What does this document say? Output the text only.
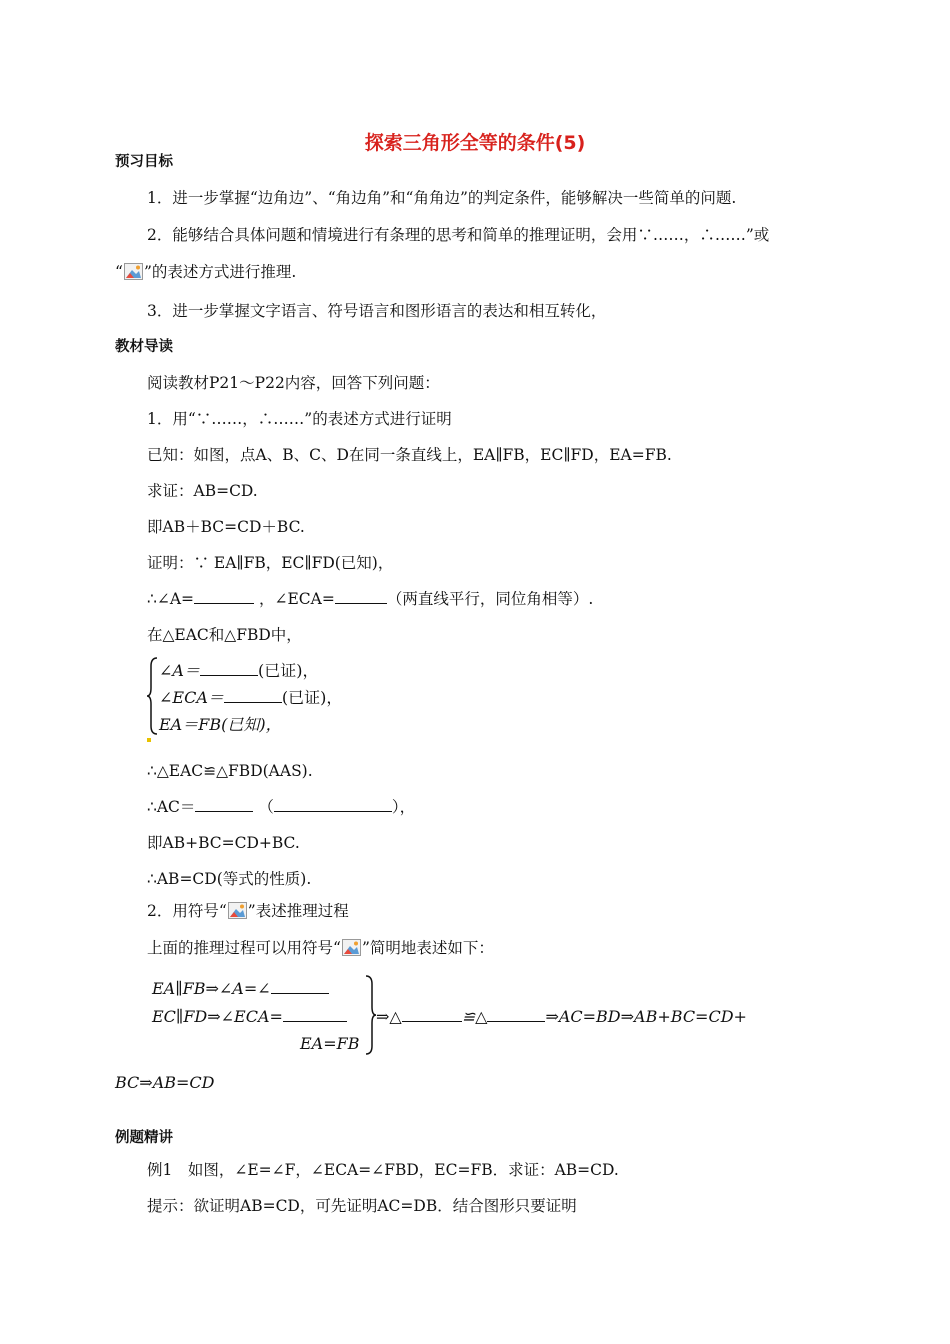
探索三角形全等的条件(5)
预习目标
1．进一步掌握“边角边”、“角边角”和“角角边”的判定条件，能够解决一些简单的问题.
2．能够结合具体问题和情境进行有条理的思考和简单的推理证明，会用∵……，∴……”或
“ ”的表述方式进行推理.
3．进一步掌握文字语言、符号语言和图形语言的表达和相互转化，
教材导读
阅读教材P21～P22内容，回答下列问题：
1．用“∵……，∴……”的表述方式进行证明
已知：如图，点A、B、C、D在同一条直线上，EA∥FB，EC∥FD，EA=FB.
求证：AB=CD.
即AB＋BC=CD＋BC.
证明：∵ EA∥FB，EC∥FD(已知)，
∴∠A=	，∠ECA=	（两直线平行，同位角相等）.
在△EAC和△FBD中，
∠A＝	(已证)，
∠ECA＝	(已证)，
EA＝FB(已知)，
∴△EAC≌△FBD(AAS).
∴AC＝	（	），
即AB+BC=CD+BC.
∴AB=CD(等式的性质).
2．用符号“ ”表述推理过程
上面的推理过程可以用符号“ ”简明地表述如下：
EA∥FB⇒∠A=∠
EC∥FD⇒∠ECA=
EA=FB
⇒△	≌△	⇒AC=BD⇒AB+BC=CD+
BC⇒AB=CD
例题精讲
例1　如图，∠E=∠F，∠ECA=∠FBD，EC=FB．求证：AB=CD.
提示：欲证明AB=CD，可先证明AC=DB．结合图形只要证明
